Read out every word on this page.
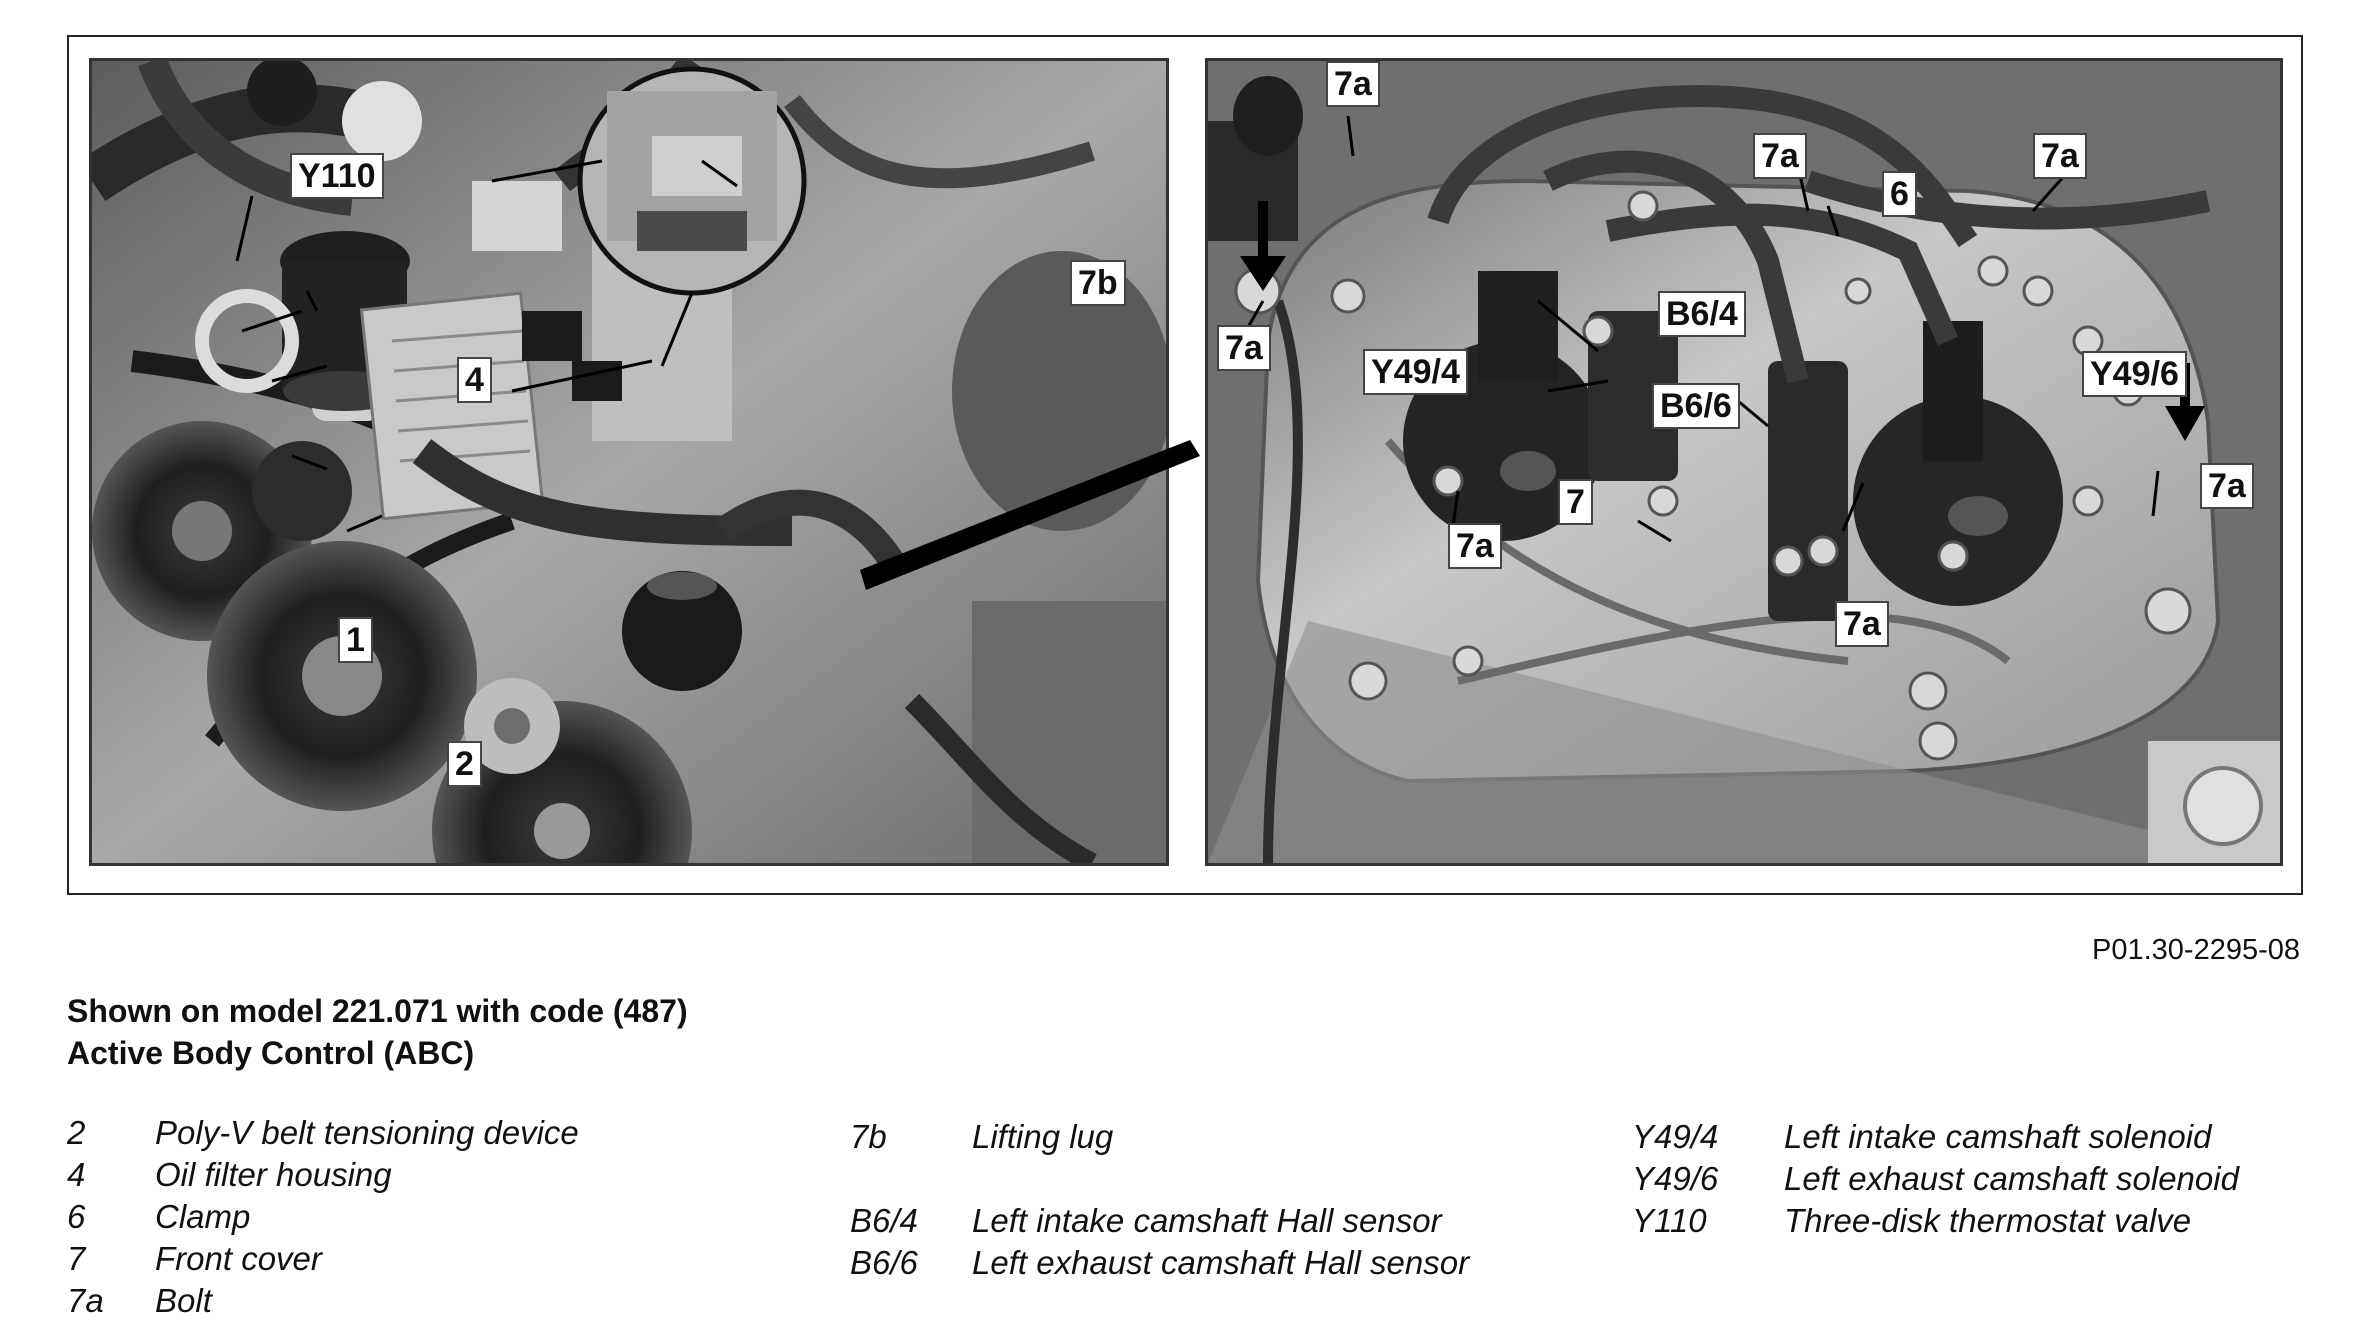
Y110
4
1
2
7b
7a
7a
7a
6
7a
B6/4
Y49/4
B6/6
Y49/6
7a
7
7a
7a
P01.30-2295-08
Shown on model 221.071 with code (487)
Active Body Control (ABC)
2 Poly-V belt tensioning device
4 Oil filter housing
6 Clamp
7 Front cover
7a Bolt
7b	Lifting lug
B6/4 Left intake camshaft Hall sensor
B6/6 Left exhaust camshaft Hall sensor
Y49/4 Left intake camshaft solenoid
Y49/6 Left exhaust camshaft solenoid
Y110 Three-disk thermostat valve
